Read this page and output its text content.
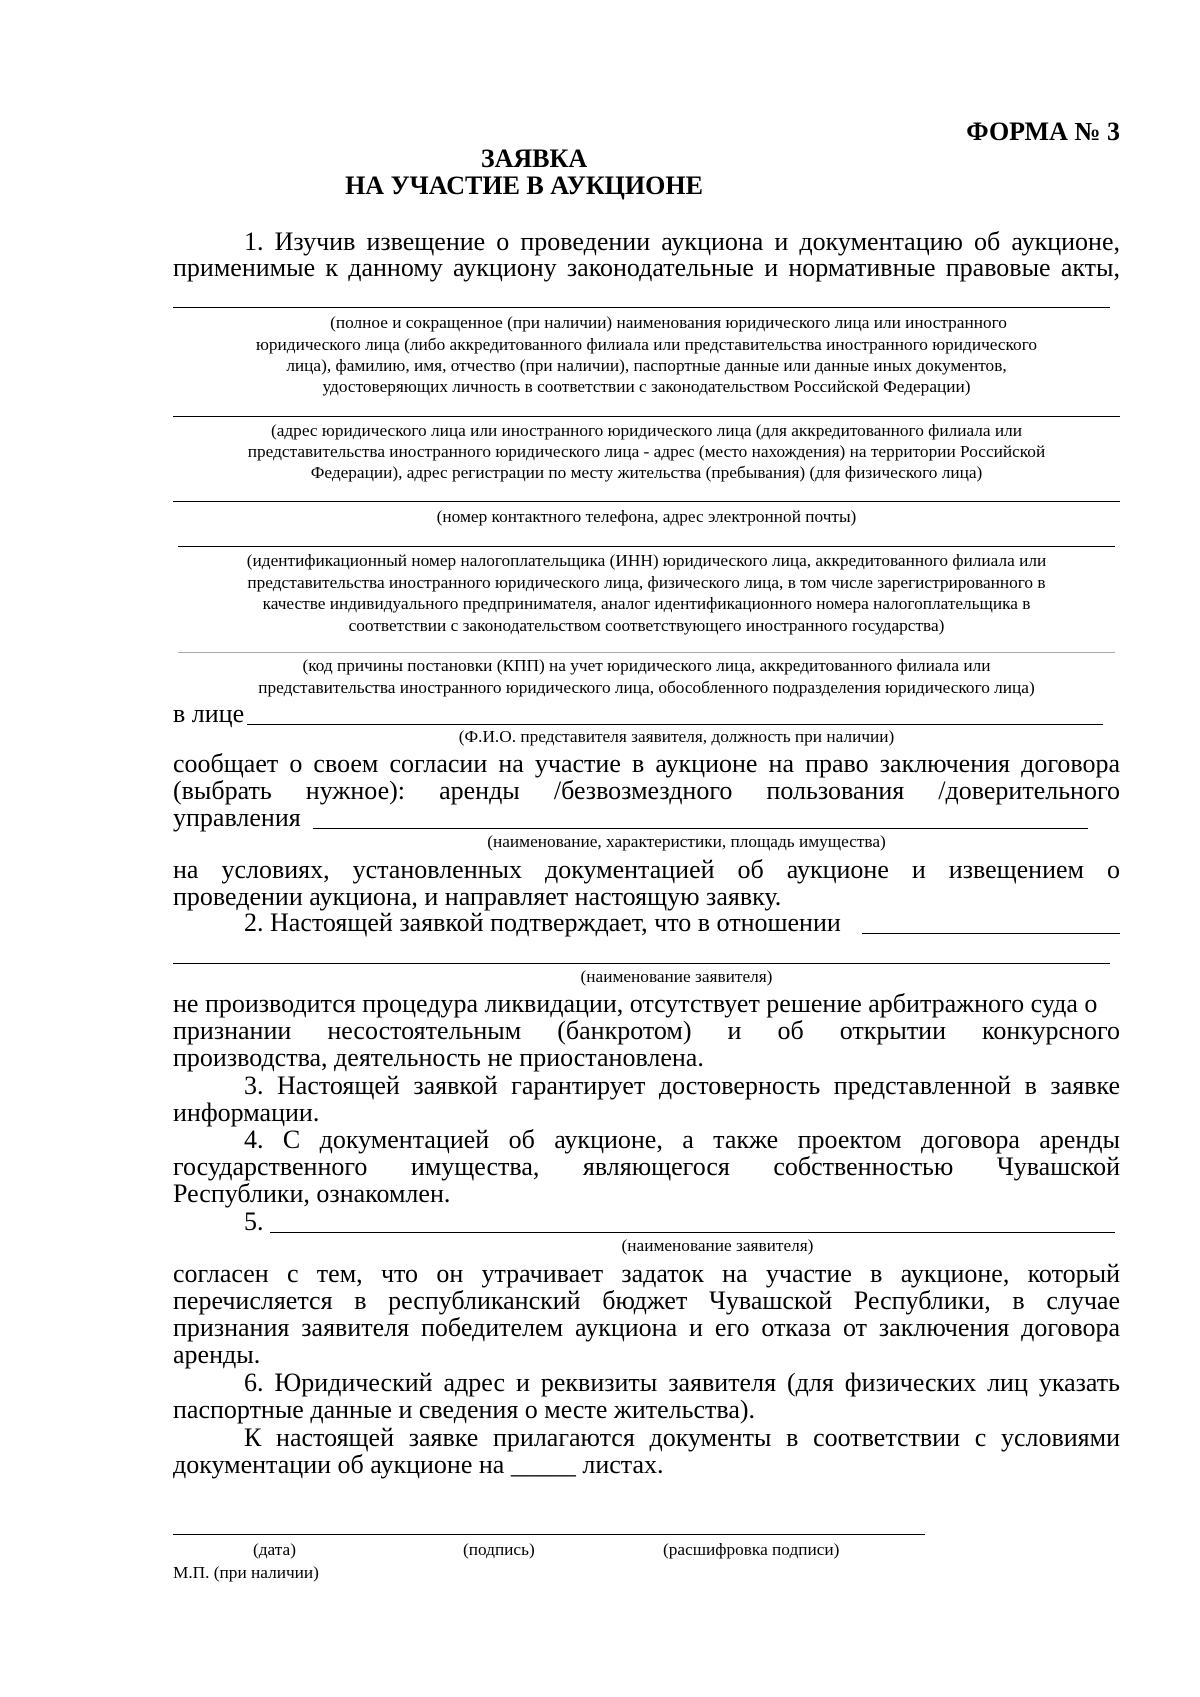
ФОРМА № 3
ЗАЯВКА
НА УЧАСТИЕ В АУКЦИОНЕ
1. Изучив извещение о проведении аукциона и документацию об аукционе,
применимые к данному аукциону законодательные и нормативные правовые акты,
(полное и сокращенное (при наличии) наименования юридического лица или иностранного
юридического лица (либо аккредитованного филиала или представительства иностранного юридического
лица), фамилию, имя, отчество (при наличии), паспортные данные или данные иных документов,
удостоверяющих личность в соответствии с законодательством Российской Федерации)
(адрес юридического лица или иностранного юридического лица (для аккредитованного филиала или
представительства иностранного юридического лица - адрес (место нахождения) на территории Российской
Федерации), адрес регистрации по месту жительства (пребывания) (для физического лица)
(номер контактного телефона, адрес электронной почты)
(идентификационный номер налогоплательщика (ИНН) юридического лица, аккредитованного филиала или
представительства иностранного юридического лица, физического лица, в том числе зарегистрированного в
качестве индивидуального предпринимателя, аналог идентификационного номера налогоплательщика в
соответствии с законодательством соответствующего иностранного государства)
(код причины постановки (КПП) на учет юридического лица, аккредитованного филиала или
представительства иностранного юридического лица, обособленного подразделения юридического лица)
в лице
(Ф.И.О. представителя заявителя, должность при наличии)
сообщает о своем согласии на участие в аукционе на право заключения договора
(выбрать нужное): аренды /безвозмездного пользования /доверительного
управления
(наименование, характеристики, площадь имущества)
на условиях, установленных документацией об аукционе и извещением о
проведении аукциона, и направляет настоящую заявку.
2. Настоящей заявкой подтверждает, что в отношении
(наименование заявителя)
не производится процедура ликвидации, отсутствует решение арбитражного суда о
признании несостоятельным (банкротом) и об открытии конкурсного
производства, деятельность не приостановлена.
3. Настоящей заявкой гарантирует достоверность представленной в заявке
информации.
4. С документацией об аукционе, а также проектом договора аренды
государственного имущества, являющегося собственностью Чувашской
Республики, ознакомлен.
5.
(наименование заявителя)
согласен с тем, что он утрачивает задаток на участие в аукционе, который
перечисляется в республиканский бюджет Чувашской Республики, в случае
признания заявителя победителем аукциона и его отказа от заключения договора
аренды.
6. Юридический адрес и реквизиты заявителя (для физических лиц указать
паспортные данные и сведения о месте жительства).
К настоящей заявке прилагаются документы в соответствии с условиями
документации об аукционе на _____ листах.
(дата)	(подпись)	(расшифровка подписи)
М.П. (при наличии)
